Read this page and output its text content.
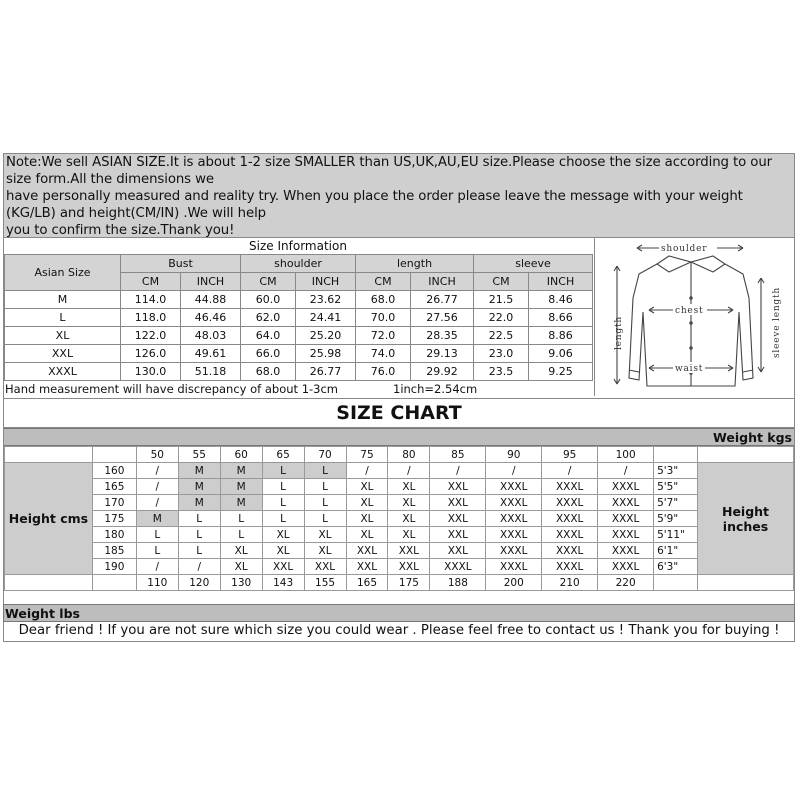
Note:We sell ASIAN SIZE.It is about 1-2 size SMALLER than US,UK,AU,EU size.Please choose the size according to our size form.All the dimensions we

have personally measured and reality try. When you place the order please leave the message with your weight (KG/LB) and height(CM/IN) .We will help

you to confirm the size.Thank you!

Size Information
Asian Size	Bust		shoulder		length		sleeve	
	CM	INCH	CM	INCH	CM	INCH	CM	INCH
M	114.0	44.88	60.0	23.62	68.0	26.77	21.5	8.46
L	118.0	46.46	62.0	24.41	70.0	27.56	22.0	8.66
XL	122.0	48.03	64.0	25.20	72.0	28.35	22.5	8.86
XXL	126.0	49.61	66.0	25.98	74.0	29.13	23.0	9.06
XXXL	130.0	51.18	68.0	26.77	76.0	29.92	23.5	9.25
Hand measurement will have discrepancy of about 1-3cm	1inch=2.54cm
shoulder
chest
waist
length	sleeve length
SIZE CHART
Weight kgs
		50	55	60	65	70	75	80	85	90	95	100		
Height cms	160	/	M	M	L	L	/	/	/	/	/	/	5'3"	Height inches
	165	/	M	M	L	L	XL	XL	XXL	XXXL	XXXL	XXXL	5'5"	
	170	/	M	M	L	L	XL	XL	XXL	XXXL	XXXL	XXXL	5'7"	
	175	M	L	L	L	L	XL	XL	XXL	XXXL	XXXL	XXXL	5'9"	
	180	L	L	L	XL	XL	XL	XL	XXL	XXXL	XXXL	XXXL	5'11"	
	185	L	L	XL	XL	XL	XXL	XXL	XXL	XXXL	XXXL	XXXL	6'1"	
	190	/	/	XL	XXL	XXL	XXL	XXL	XXXL	XXXL	XXXL	XXXL	6'3"	
		110	120	130	143	155	165	175	188	200	210	220		
Weight lbs
Dear friend ! If you are not sure which size you could wear . Please feel free to contact us ! Thank you for buying !
